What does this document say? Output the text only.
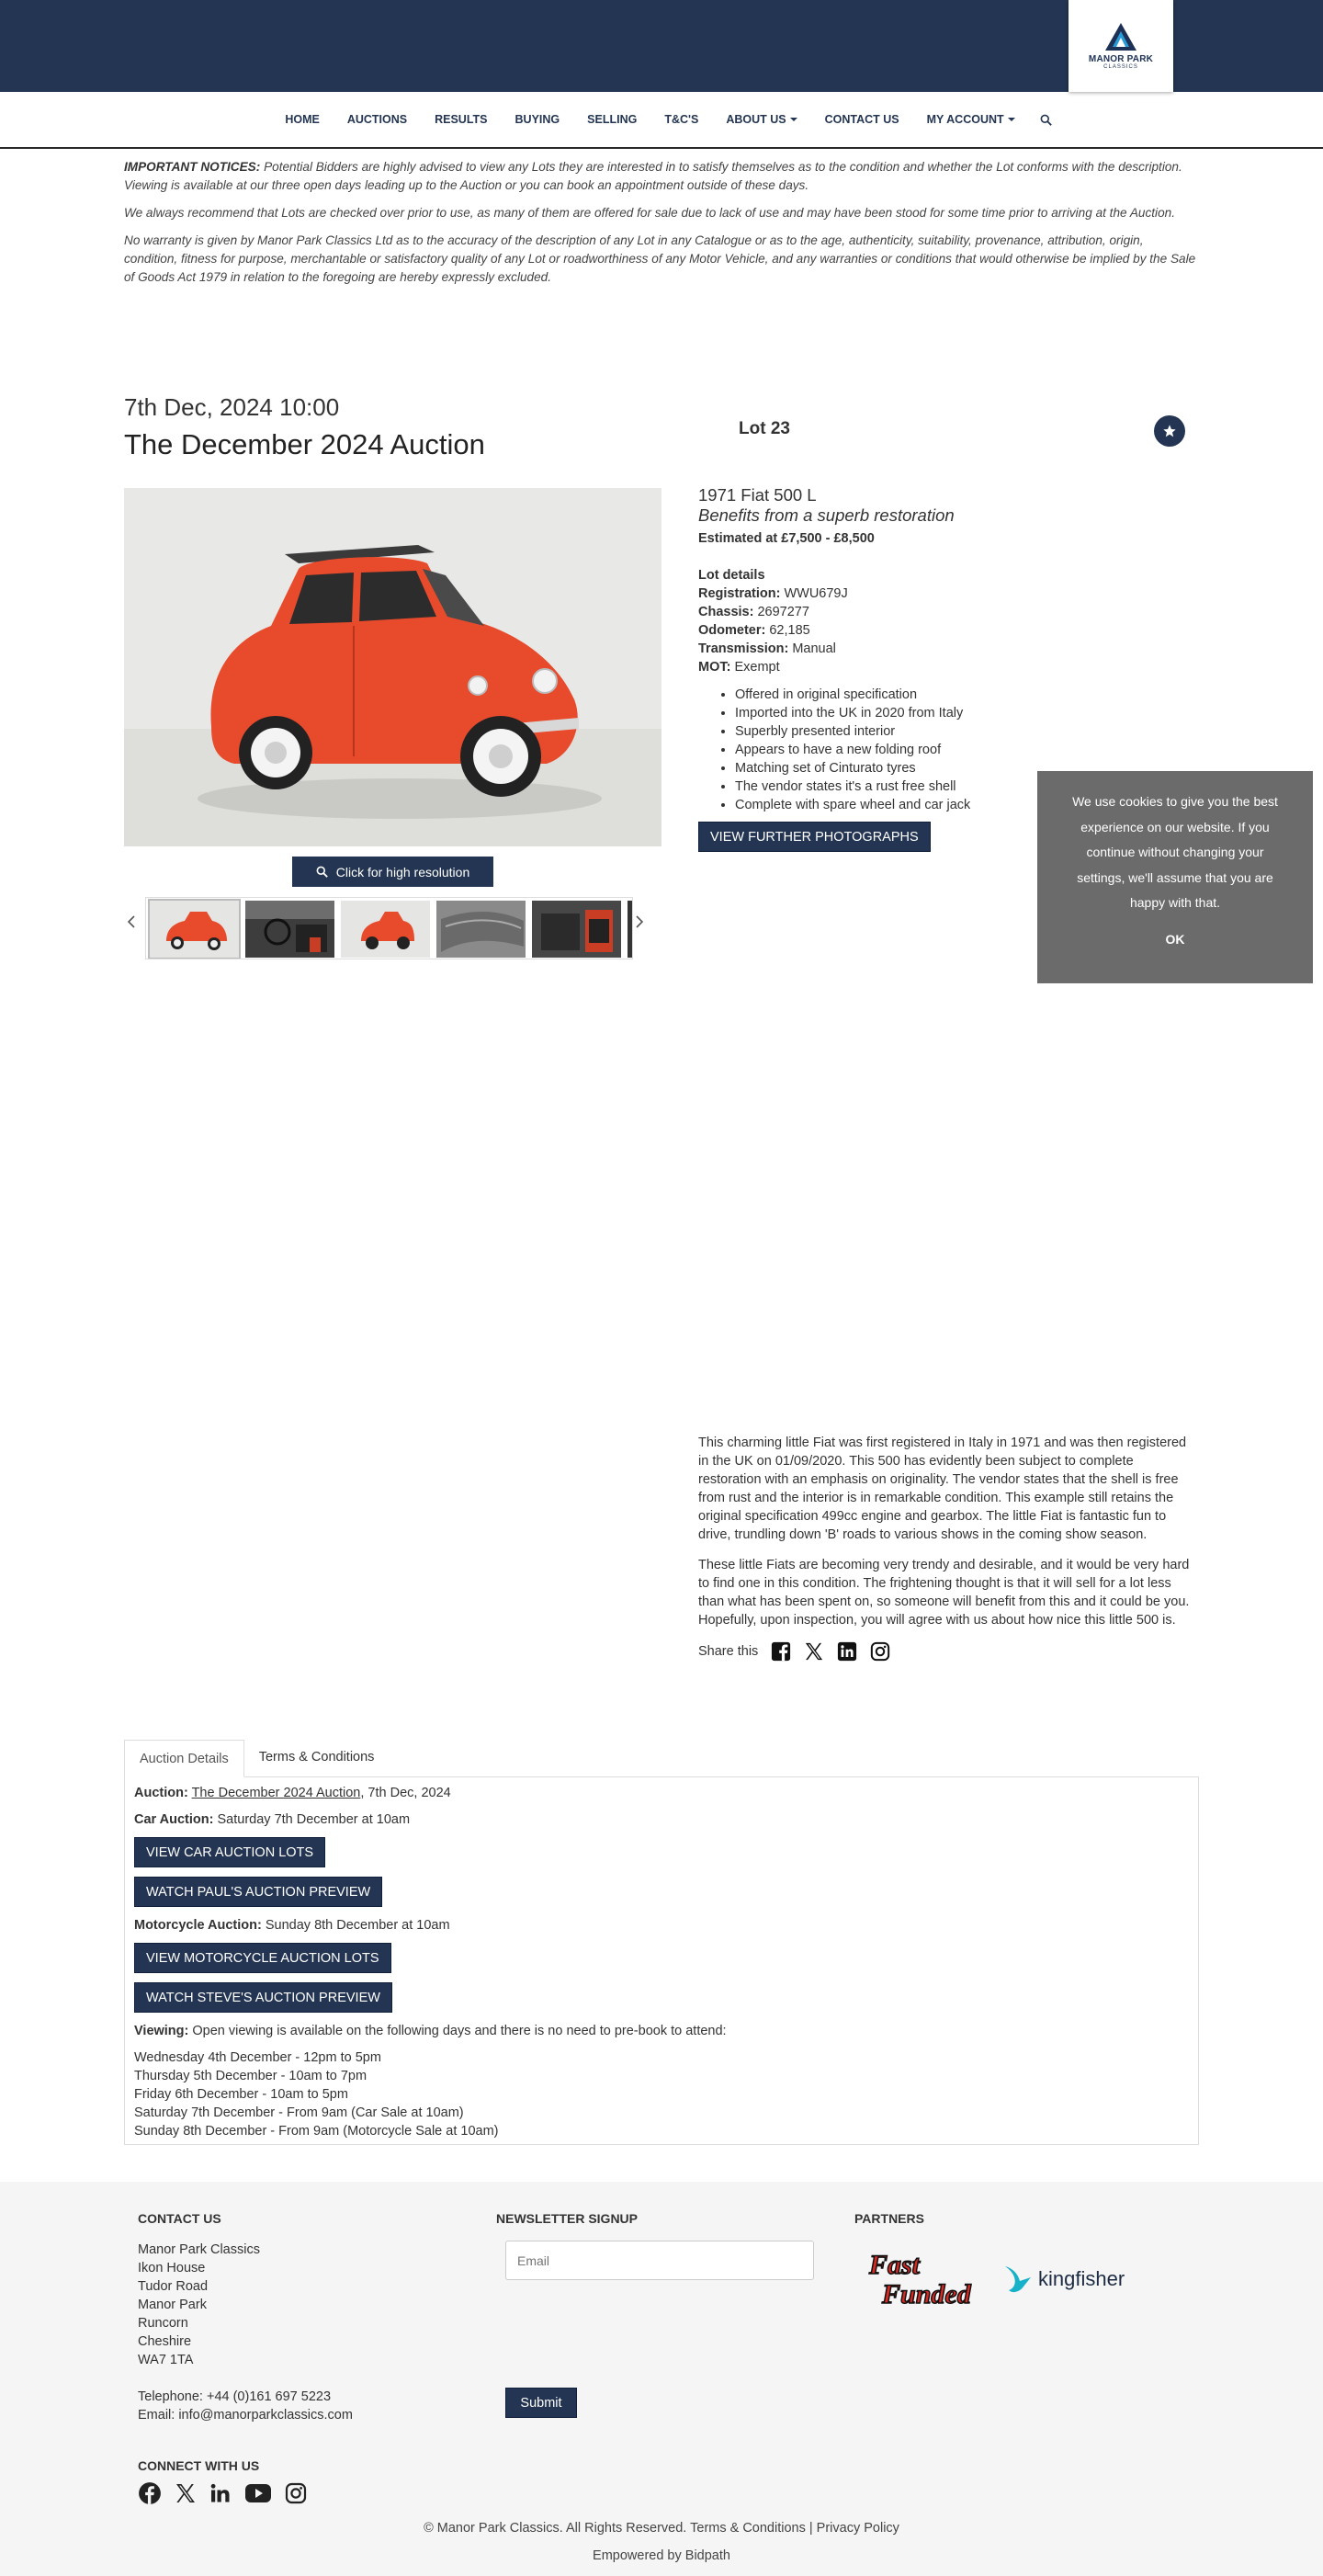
MANOR PARK
CLASSICS
HOME AUCTIONS RESULTS BUYING SELLING T&C'S ABOUT US	CONTACT US MY ACCOUNT

IMPORTANT NOTICES: Potential Bidders are highly advised to view any Lots they are interested in to satisfy themselves as to the condition and whether the Lot conforms with the description. Viewing is available at our three open days leading up to the Auction or you can book an appointment outside of these days.

We always recommend that Lots are checked over prior to use, as many of them are offered for sale due to lack of use and may have been stood for some time prior to arriving at the Auction.

No warranty is given by Manor Park Classics Ltd as to the accuracy of the description of any Lot in any Catalogue or as to the age, authenticity, suitability, provenance, attribution, origin, condition, fitness for purpose, merchantable or satisfactory quality of any Lot or roadworthiness of any Motor Vehicle, and any warranties or conditions that would otherwise be implied by the Sale of Goods Act 1979 in relation to the foregoing are hereby expressly excluded.

7th Dec, 2024 10:00
The December 2024 Auction	Lot 23
Click for high resolution
1971 Fiat 500 L
Benefits from a superb restoration
Estimated at £7,500 - £8,500
Lot details
Registration: WWU679J
Chassis: 2697277
Odometer: 62,185
Transmission: Manual
MOT: Exempt
• Offered in original specification
• Imported into the UK in 2020 from Italy
• Superbly presented interior
• Appears to have a new folding roof
• Matching set of Cinturato tyres
• The vendor states it's a rust free shell
• Complete with spare wheel and car jack
VIEW FURTHER PHOTOGRAPHS
We use cookies to give you the best experience on our website. If you continue without changing your settings, we'll assume that you are happy with that.
OK

This charming little Fiat was first registered in Italy in 1971 and was then registered in the UK on 01/09/2020. This 500 has evidently been subject to complete restoration with an emphasis on originality. The vendor states that the shell is free from rust and the interior is in remarkable condition. This example still retains the original specification 499cc engine and gearbox. The little Fiat is fantastic fun to drive, trundling down 'B' roads to various shows in the coming show season.

These little Fiats are becoming very trendy and desirable, and it would be very hard to find one in this condition. The frightening thought is that it will sell for a lot less than what has been spent on, so someone will benefit from this and it could be you. Hopefully, upon inspection, you will agree with us about how nice this little 500 is.

Share this
Auction Details	Terms & Conditions
Auction: The December 2024 Auction, 7th Dec, 2024
Car Auction: Saturday 7th December at 10am
VIEW CAR AUCTION LOTS
WATCH PAUL'S AUCTION PREVIEW
Motorcycle Auction: Sunday 8th December at 10am
VIEW MOTORCYCLE AUCTION LOTS
WATCH STEVE'S AUCTION PREVIEW
Viewing: Open viewing is available on the following days and there is no need to pre-book to attend:
Wednesday 4th December - 12pm to 5pm
Thursday 5th December - 10am to 7pm
Friday 6th December - 10am to 5pm
Saturday 7th December - From 9am (Car Sale at 10am)
Sunday 8th December - From 9am (Motorcycle Sale at 10am)
CONTACT US
Manor Park Classics
Ikon House
Tudor Road
Manor Park
Runcorn
Cheshire
WA7 1TA
Telephone: +44 (0)161 697 5223
Email: info@manorparkclassics.com
NEWSLETTER SIGNUP
Email
Submit
PARTNERS
Fast
Funded
kingfisher
CONNECT WITH US
© Manor Park Classics. All Rights Reserved. Terms & Conditions | Privacy Policy
Empowered by Bidpath
